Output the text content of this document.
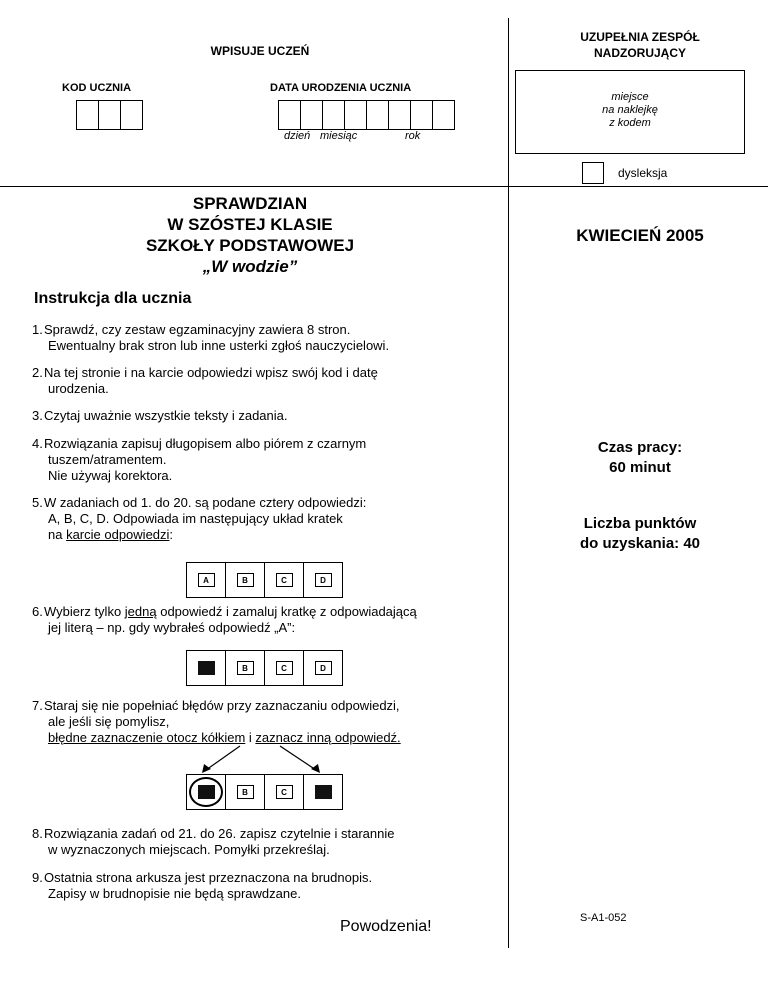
WPISUJE UCZEŃ
KOD UCZNIA	DATA URODZENIA UCZNIA
dzień miesiąc	rok
UZUPEŁNIA ZESPÓŁ
NADZORUJĄCY
miejsce
na naklejkę
z kodem
dysleksja
SPRAWDZIAN
W SZÓSTEJ KLASIE
SZKOŁY PODSTAWOWEJ
„W wodzie”
KWIECIEŃ 2005
Instrukcja dla ucznia
1.Sprawdź, czy zestaw egzaminacyjny zawiera 8 stron.
Ewentualny brak stron lub inne usterki zgłoś nauczycielowi.
2.Na tej stronie i na karcie odpowiedzi wpisz swój kod i datę
urodzenia.
3.Czytaj uważnie wszystkie teksty i zadania.
4.Rozwiązania zapisuj długopisem albo piórem z czarnym
tuszem/atramentem.
Nie używaj korektora.
5.W zadaniach od 1. do 20. są podane cztery odpowiedzi:
A, B, C, D. Odpowiada im następujący układ kratek
na karcie odpowiedzi:
A	B	C	D
6.Wybierz tylko jedną odpowiedź i zamaluj kratkę z odpowiadającą
jej literą – np. gdy wybrałeś odpowiedź „A”:
B	C	D
7.Staraj się nie popełniać błędów przy zaznaczaniu odpowiedzi,
ale jeśli się pomylisz,
błędne zaznaczenie otocz kółkiem i zaznacz inną odpowiedź.
B	C
8.Rozwiązania zadań od 21. do 26. zapisz czytelnie i starannie
w wyznaczonych miejscach. Pomyłki przekreślaj.
9.Ostatnia strona arkusza jest przeznaczona na brudnopis.
Zapisy w brudnopisie nie będą sprawdzane.
Czas pracy:
60 minut
Liczba punktów
do uzyskania: 40
Powodzenia!	S-A1-052
